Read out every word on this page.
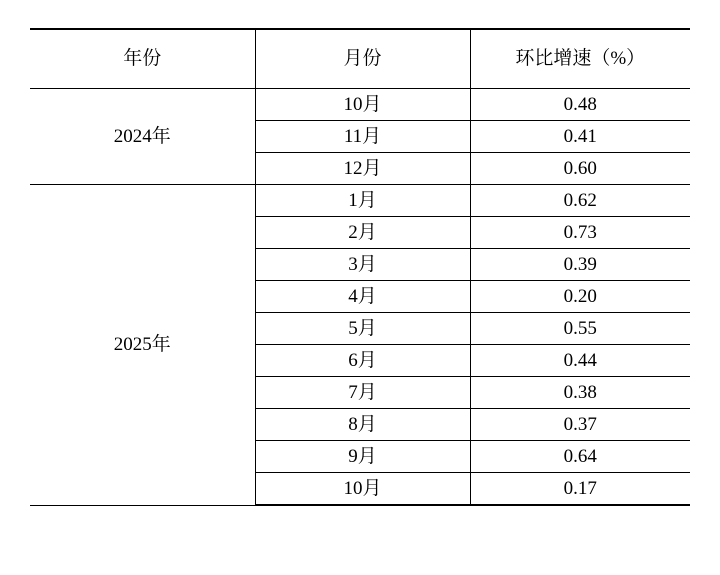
年份	月份	环比增速（%）
2024年	10月	0.48
	11月	0.41
	12月	0.60
2025年	1月	0.62
	2月	0.73
	3月	0.39
	4月	0.20
	5月	0.55
	6月	0.44
	7月	0.38
	8月	0.37
	9月	0.64
	10月	0.17
